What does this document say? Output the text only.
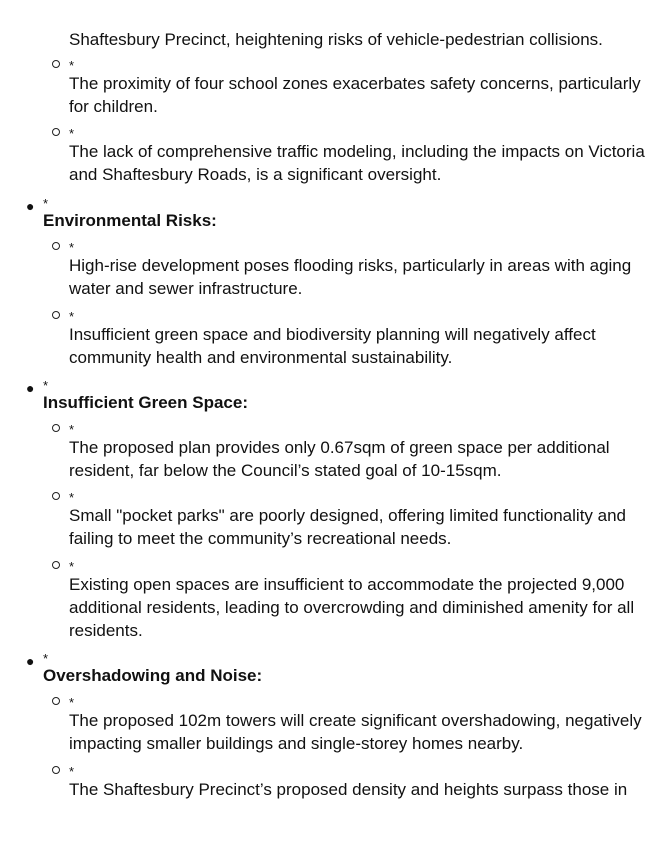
Shaftesbury Precinct, heightening risks of vehicle-pedestrian collisions.
*
The proximity of four school zones exacerbates safety concerns, particularly for children.
*
The lack of comprehensive traffic modeling, including the impacts on Victoria and Shaftesbury Roads, is a significant oversight.
● *
Environmental Risks:
*
High-rise development poses flooding risks, particularly in areas with aging water and sewer infrastructure.
*
Insufficient green space and biodiversity planning will negatively affect community health and environmental sustainability.
● *
Insufficient Green Space:
*
The proposed plan provides only 0.67sqm of green space per additional resident, far below the Council’s stated goal of 10-15sqm.
*
Small "pocket parks" are poorly designed, offering limited functionality and failing to meet the community’s recreational needs.
*
Existing open spaces are insufficient to accommodate the projected 9,000 additional residents, leading to overcrowding and diminished amenity for all residents.
● *
Overshadowing and Noise:
*
The proposed 102m towers will create significant overshadowing, negatively impacting smaller buildings and single-storey homes nearby.
*
The Shaftesbury Precinct’s proposed density and heights surpass those in
